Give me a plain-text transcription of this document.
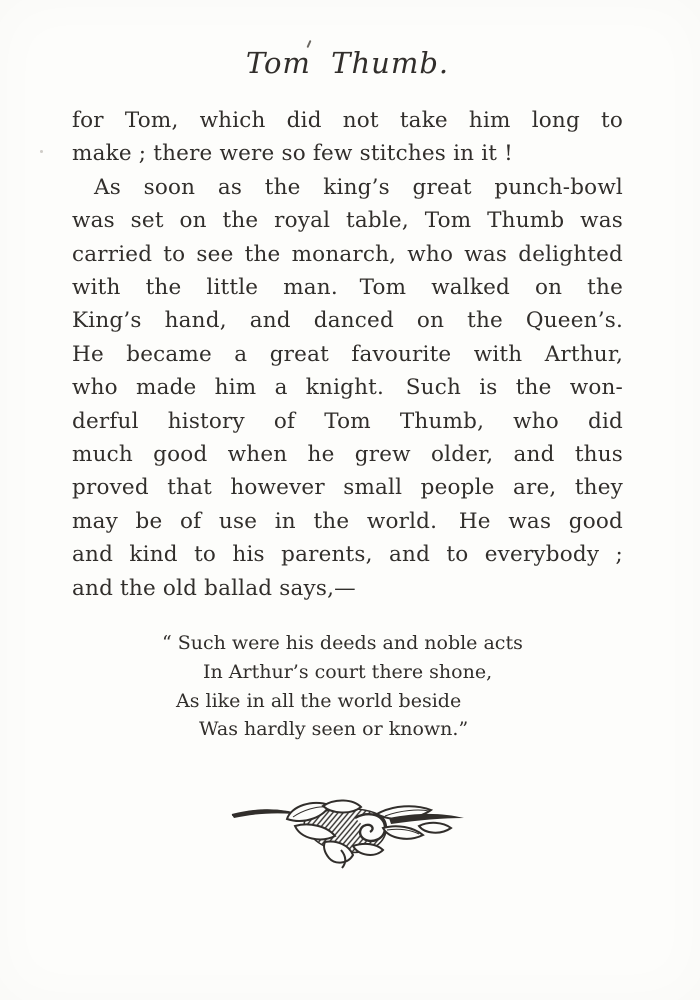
Tom Thumb.
for Tom, which did not take him long to
make ; there were so few stitches in it !
As soon as the king’s great punch-bowl
was set on the royal table, Tom Thumb was
carried to see the monarch, who was delighted
with the little man. Tom walked on the
King’s hand, and danced on the Queen’s.
He became a great favourite with Arthur,
who made him a knight. Such is the won-
derful history of Tom Thumb, who did
much good when he grew older, and thus
proved that however small people are, they
may be of use in the world. He was good
and kind to his parents, and to everybody ;
and the old ballad says,—
“ Such were his deeds and noble acts
In Arthur’s court there shone,
As like in all the world beside
Was hardly seen or known.”
